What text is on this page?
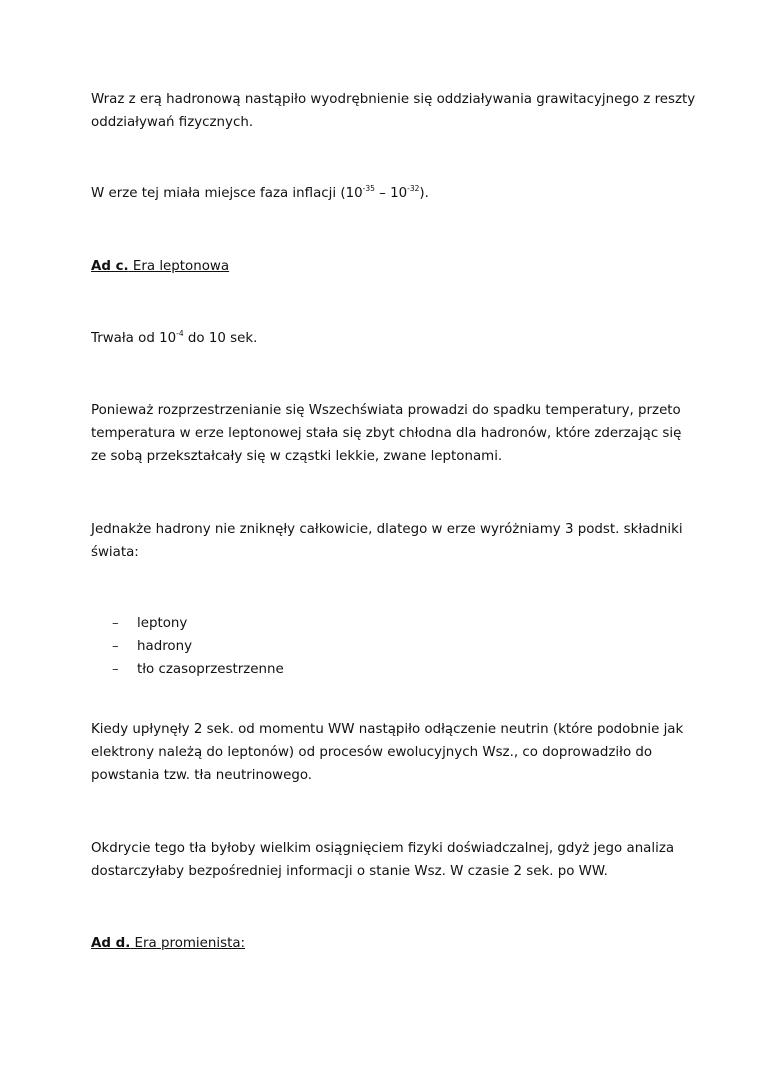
Wraz z erą hadronową nastąpiło wyodrębnienie się oddziaływania grawitacyjnego z reszty
oddziaływań fizycznych.

W erze tej miała miejsce faza inflacji $(10^{-35} - 10^{-32})$.

Ad c. Era leptonowa

Trwała od $10^{-4}$ do 10 sek.

Ponieważ rozprzestrzenianie się Wszechświata prowadzi do spadku temperatury, przeto
temperatura w erze leptonowej stała się zbyt chłodna dla hadronów, które zderzając się
ze sobą przekształcały się w cząstki lekkie, zwane leptonami.

Jednakże hadrony nie zniknęły całkowicie, dlatego w erze wyróżniamy 3 podst. składniki
świata:

– leptony
– hadrony
– tło czasoprzestrzenne

Kiedy upłynęły 2 sek. od momentu WW nastąpiło odłączenie neutrin (które podobnie jak
elektrony należą do leptonów) od procesów ewolucyjnych Wsz., co doprowadziło do
powstania tzw. tła neutrinowego.

Okdrycie tego tła byłoby wielkim osiągnięciem fizyki doświadczalnej, gdyż jego analiza
dostarczyłaby bezpośredniej informacji o stanie Wsz. W czasie 2 sek. po WW.

Ad d. Era promienista:
